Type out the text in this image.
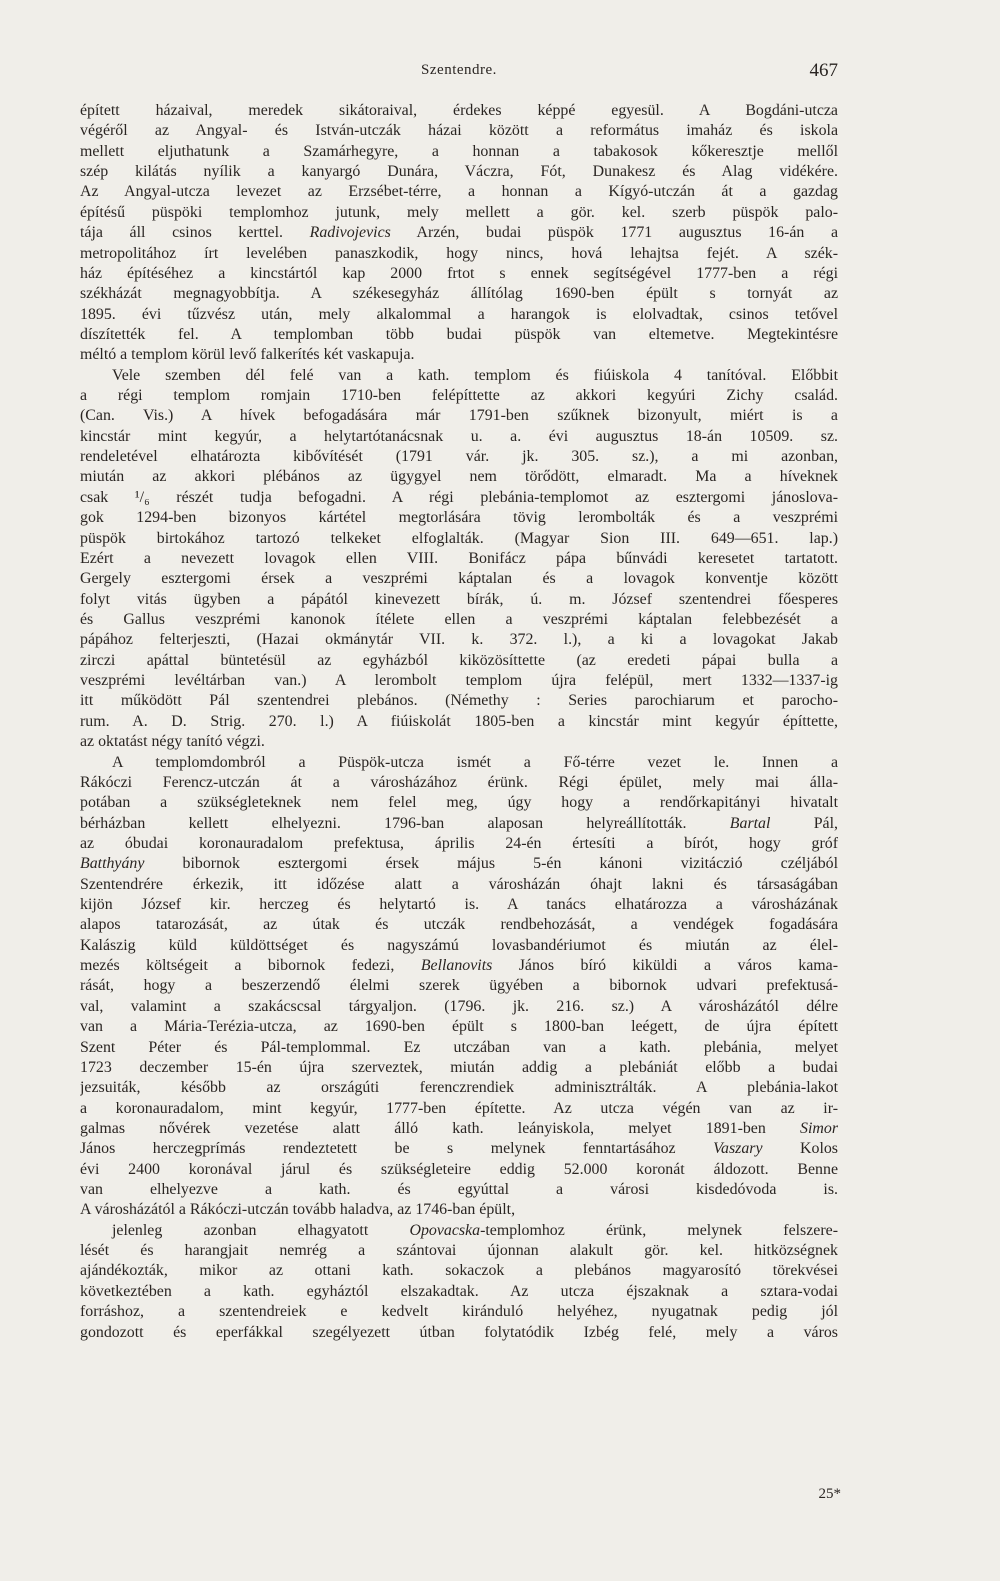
Szentendre.	467
épített házaival, meredek sikátoraival, érdekes képpé egyesül. A Bogdáni-utcza
végéről az Angyal- és István-utczák házai között a református imaház és iskola
mellett eljuthatunk a Szamárhegyre, a honnan a tabakosok kőkeresztje mellől
szép kilátás nyílik a kanyargó Dunára, Váczra, Fót, Dunakesz és Alag vidékére.
Az Angyal-utcza levezet az Erzsébet-térre, a honnan a Kígyó-utczán át a gazdag
építésű püspöki templomhoz jutunk, mely mellett a gör. kel. szerb püspök palo-
tája áll csinos kerttel. Radivojevics Arzén, budai püspök 1771 augusztus 16-án a
metropolitához írt levelében panaszkodik, hogy nincs, hová lehajtsa fejét. A szék-
ház építéséhez a kincstártól kap 2000 frtot s ennek segítségével 1777-ben a régi
székházát megnagyobbítja. A székesegyház állítólag 1690-ben épült s tornyát az
1895. évi tűzvész után, mely alkalommal a harangok is elolvadtak, csinos tetővel
díszítették fel. A templomban több budai püspök van eltemetve. Megtekintésre
méltó a templom körül levő falkerítés két vaskapuja.
Vele szemben dél felé van a kath. templom és fiúiskola 4 tanítóval. Előbbit
a régi templom romjain 1710-ben felépíttette az akkori kegyúri Zichy család.
(Can. Vis.) A hívek befogadására már 1791-ben szűknek bizonyult, miért is a
kincstár mint kegyúr, a helytartótanácsnak u. a. évi augusztus 18-án 10509. sz.
rendeletével elhatározta kibővítését (1791 vár. jk. 305. sz.), a mi azonban,
miután az akkori plébános az ügygyel nem törődött, elmaradt. Ma a híveknek
csak ¹/₆ részét tudja befogadni. A régi plebánia-templomot az esztergomi jánoslova-
gok 1294-ben bizonyos kártétel megtorlására tövig lerombolták és a veszprémi
püspök birtokához tartozó telkeket elfoglalták. (Magyar Sion III. 649—651. lap.)
Ezért a nevezett lovagok ellen VIII. Bonifácz pápa bűnvádi keresetet tartatott.
Gergely esztergomi érsek a veszprémi káptalan és a lovagok konventje között
folyt vitás ügyben a pápától kinevezett bírák, ú. m. József szentendrei főesperes
és Gallus veszprémi kanonok ítélete ellen a veszprémi káptalan felebbezését a
pápához felterjeszti, (Hazai okmánytár VII. k. 372. l.), a ki a lovagokat Jakab
zirczi apáttal büntetésül az egyházból kiközösíttette (az eredeti pápai bulla a
veszprémi levéltárban van.) A lerombolt templom újra felépül, mert 1332—1337-ig
itt működött Pál szentendrei plebános. (Némethy : Series parochiarum et parocho-
rum. A. D. Strig. 270. l.) A fiúiskolát 1805-ben a kincstár mint kegyúr építtette,
az oktatást négy tanító végzi.
A templomdombról a Püspök-utcza ismét a Fő-térre vezet le. Innen a
Rákóczi Ferencz-utczán át a városházához érünk. Régi épület, mely mai álla-
potában a szükségleteknek nem felel meg, úgy hogy a rendőrkapitányi hivatalt
bérházban kellett elhelyezni. 1796-ban alaposan helyreállították. Bartal Pál,
az óbudai koronauradalom prefektusa, április 24-én értesíti a bírót, hogy gróf
Batthyány bibornok esztergomi érsek május 5-én kánoni vizitáczió czéljából
Szentendrére érkezik, itt időzése alatt a városházán óhajt lakni és társaságában
kijön József kir. herczeg és helytartó is. A tanács elhatározza a városházának
alapos tatarozását, az útak és utczák rendbehozását, a vendégek fogadására
Kalászig küld küldöttséget és nagyszámú lovasbandériumot és miután az élel-
mezés költségeit a bibornok fedezi, Bellanovits János bíró kiküldi a város kama-
rását, hogy a beszerzendő élelmi szerek ügyében a bibornok udvari prefektusá-
val, valamint a szakácscsal tárgyaljon. (1796. jk. 216. sz.) A városházától délre
van a Mária-Terézia-utcza, az 1690-ben épült s 1800-ban leégett, de újra épített
Szent Péter és Pál-templommal. Ez utczában van a kath. plebánia, melyet
1723 deczember 15-én újra szerveztek, miután addig a plebániát előbb a budai
jezsuiták, később az országúti ferenczrendiek adminisztrálták. A plebánia-lakot
a koronauradalom, mint kegyúr, 1777-ben építette. Az utcza végén van az ir-
galmas nővérek vezetése alatt álló kath. leányiskola, melyet 1891-ben Simor
János herczegprímás rendeztetett be s melynek fenntartásához Vaszary Kolos
évi 2400 koronával járul és szükségleteire eddig 52.000 koronát áldozott. Benne
van elhelyezve a kath. és egyúttal a városi kisdedóvoda is.
A városházától a Rákóczi-utczán tovább haladva, az 1746-ban épült,
jelenleg azonban elhagyatott Opovacska-templomhoz érünk, melynek felszere-
lését és harangjait nemrég a szántovai újonnan alakult gör. kel. hitközségnek
ajándékozták, mikor az ottani kath. sokaczok a plebános magyarosító törekvései
következtében a kath. egyháztól elszakadtak. Az utcza éjszaknak a sztara-vodai
forráshoz, a szentendreiek e kedvelt kiránduló helyéhez, nyugatnak pedig jól
gondozott és eperfákkal szegélyezett útban folytatódik Izbég felé, mely a város
25*
